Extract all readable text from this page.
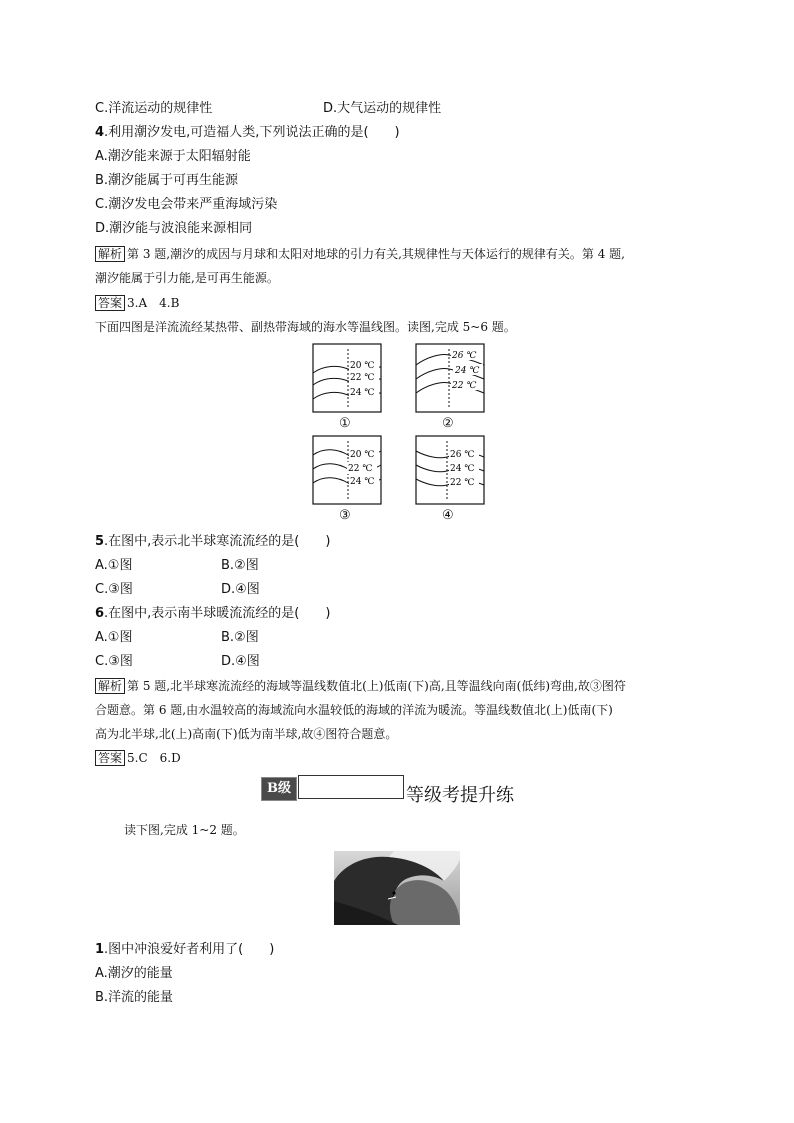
C.洋流运动的规律性	D.大气运动的规律性
4.利用潮汐发电,可造福人类,下列说法正确的是(　　)
A.潮汐能来源于太阳辐射能
B.潮汐能属于可再生能源
C.潮汐发电会带来严重海域污染
D.潮汐能与波浪能来源相同
解析 第 3 题,潮汐的成因与月球和太阳对地球的引力有关,其规律性与天体运行的规律有关。第 4 题,
潮汐能属于引力能,是可再生能源。
答案 3.A　4.B
下面四图是洋流流经某热带、副热带海域的海水等温线图。读图,完成 5~6 题。
20 ℃
22 ℃
24 ℃
①
26 ℃
24 ℃
22 ℃
②
20 ℃
22 ℃
24 ℃
③
26 ℃
24 ℃
22 ℃
④
5.在图中,表示北半球寒流流经的是(　　)
A.①图	B.②图
C.③图	D.④图
6.在图中,表示南半球暖流流经的是(　　)
A.①图	B.②图
C.③图	D.④图
解析 第 5 题,北半球寒流流经的海域等温线数值北(上)低南(下)高,且等温线向南(低纬)弯曲,故③图符
合题意。第 6 题,由水温较高的海域流向水温较低的海域的洋流为暖流。等温线数值北(上)低南(下)
高为北半球,北(上)高南(下)低为南半球,故④图符合题意。
答案 5.C　6.D
B级	等级考提升练
读下图,完成 1~2 题。
1.图中冲浪爱好者利用了(　　)
A.潮汐的能量
B.洋流的能量
